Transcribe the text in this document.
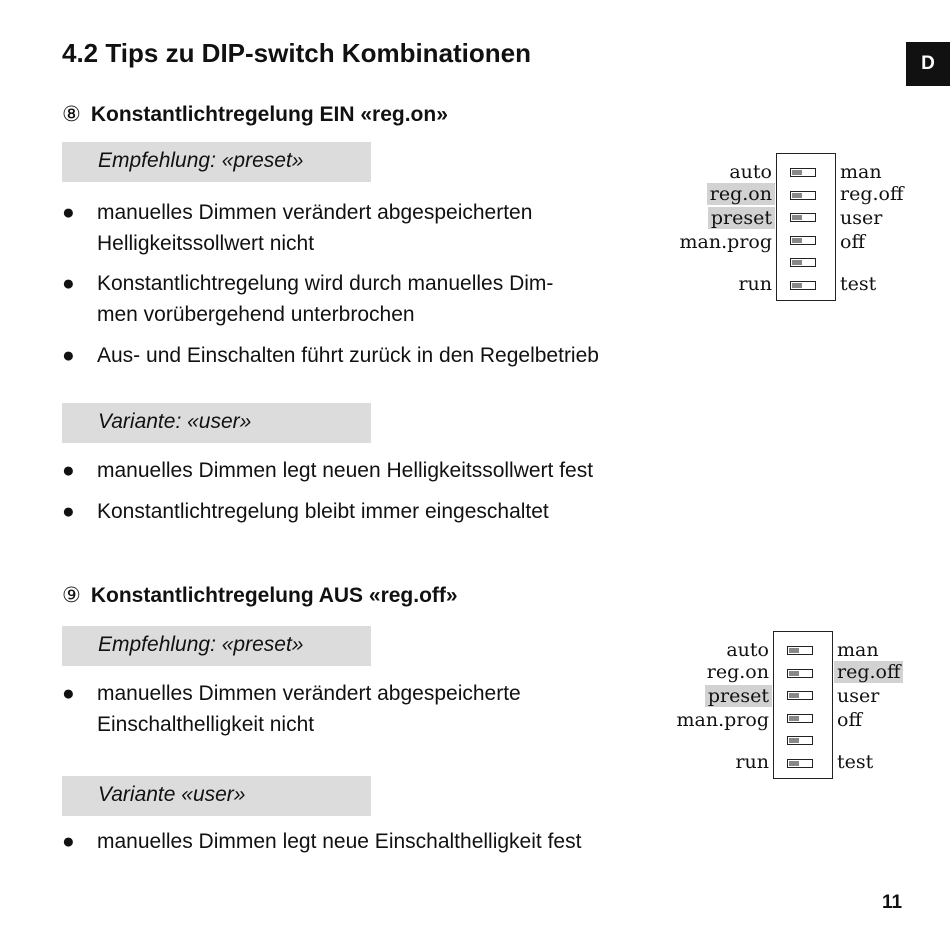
4.2 Tips zu DIP-switch Kombinationen	D
⑧ Konstantlichtregelung EIN «reg.on»
Empfehlung: «preset»
● manuelles Dimmen verändert abgespeicherten
Helligkeitssollwert nicht
● Konstantlichtregelung wird durch manuelles Dim-
men vorübergehend unterbrochen
● Aus- und Einschalten führt zurück in den Regelbetrieb
Variante: «user»
● manuelles Dimmen legt neuen Helligkeitssollwert fest
● Konstantlichtregelung bleibt immer eingeschaltet
auto
reg.on
preset
man.prog
run
man
reg.off
user
off
test
⑨ Konstantlichtregelung AUS «reg.off»
Empfehlung: «preset»
● manuelles Dimmen verändert abgespeicherte
Einschalthelligkeit nicht
Variante «user»
● manuelles Dimmen legt neue Einschalthelligkeit fest
auto
reg.on
preset
man.prog
run
man
reg.off
user
off
test
11
